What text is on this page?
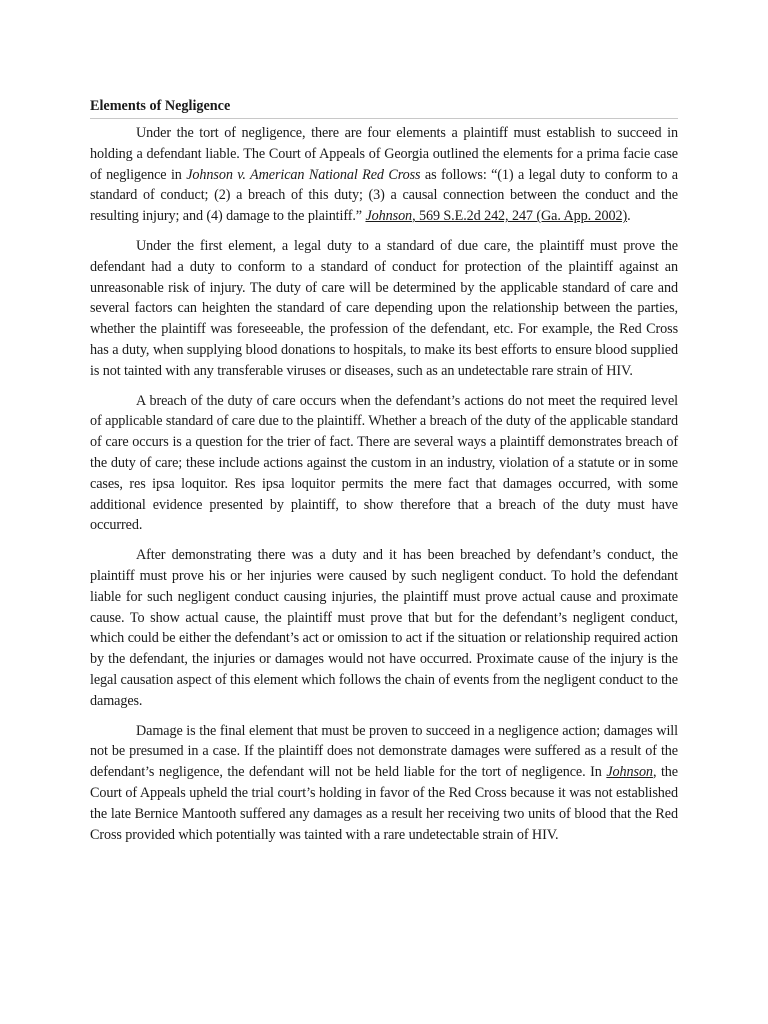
Elements of Negligence

Under the tort of negligence, there are four elements a plaintiff must establish to succeed in holding a defendant liable. The Court of Appeals of Georgia outlined the elements for a prima facie case of negligence in Johnson v. American National Red Cross as follows: “(1) a legal duty to conform to a standard of conduct; (2) a breach of this duty; (3) a causal connection between the conduct and the resulting injury; and (4) damage to the plaintiff.” Johnson, 569 S.E.2d 242, 247 (Ga. App. 2002).

Under the first element, a legal duty to a standard of due care, the plaintiff must prove the defendant had a duty to conform to a standard of conduct for protection of the plaintiff against an unreasonable risk of injury. The duty of care will be determined by the applicable standard of care and several factors can heighten the standard of care depending upon the relationship between the parties, whether the plaintiff was foreseeable, the profession of the defendant, etc. For example, the Red Cross has a duty, when supplying blood donations to hospitals, to make its best efforts to ensure blood supplied is not tainted with any transferable viruses or diseases, such as an undetectable rare strain of HIV.

A breach of the duty of care occurs when the defendant’s actions do not meet the required level of applicable standard of care due to the plaintiff. Whether a breach of the duty of the applicable standard of care occurs is a question for the trier of fact. There are several ways a plaintiff demonstrates breach of the duty of care; these include actions against the custom in an industry, violation of a statute or in some cases, res ipsa loquitor. Res ipsa loquitor permits the mere fact that damages occurred, with some additional evidence presented by plaintiff, to show therefore that a breach of the duty must have occurred.

After demonstrating there was a duty and it has been breached by defendant’s conduct, the plaintiff must prove his or her injuries were caused by such negligent conduct. To hold the defendant liable for such negligent conduct causing injuries, the plaintiff must prove actual cause and proximate cause. To show actual cause, the plaintiff must prove that but for the defendant’s negligent conduct, which could be either the defendant’s act or omission to act if the situation or relationship required action by the defendant, the injuries or damages would not have occurred. Proximate cause of the injury is the legal causation aspect of this element which follows the chain of events from the negligent conduct to the damages.

Damage is the final element that must be proven to succeed in a negligence action; damages will not be presumed in a case. If the plaintiff does not demonstrate damages were suffered as a result of the defendant’s negligence, the defendant will not be held liable for the tort of negligence. In Johnson, the Court of Appeals upheld the trial court’s holding in favor of the Red Cross because it was not established the late Bernice Mantooth suffered any damages as a result her receiving two units of blood that the Red Cross provided which potentially was tainted with a rare undetectable strain of HIV.
